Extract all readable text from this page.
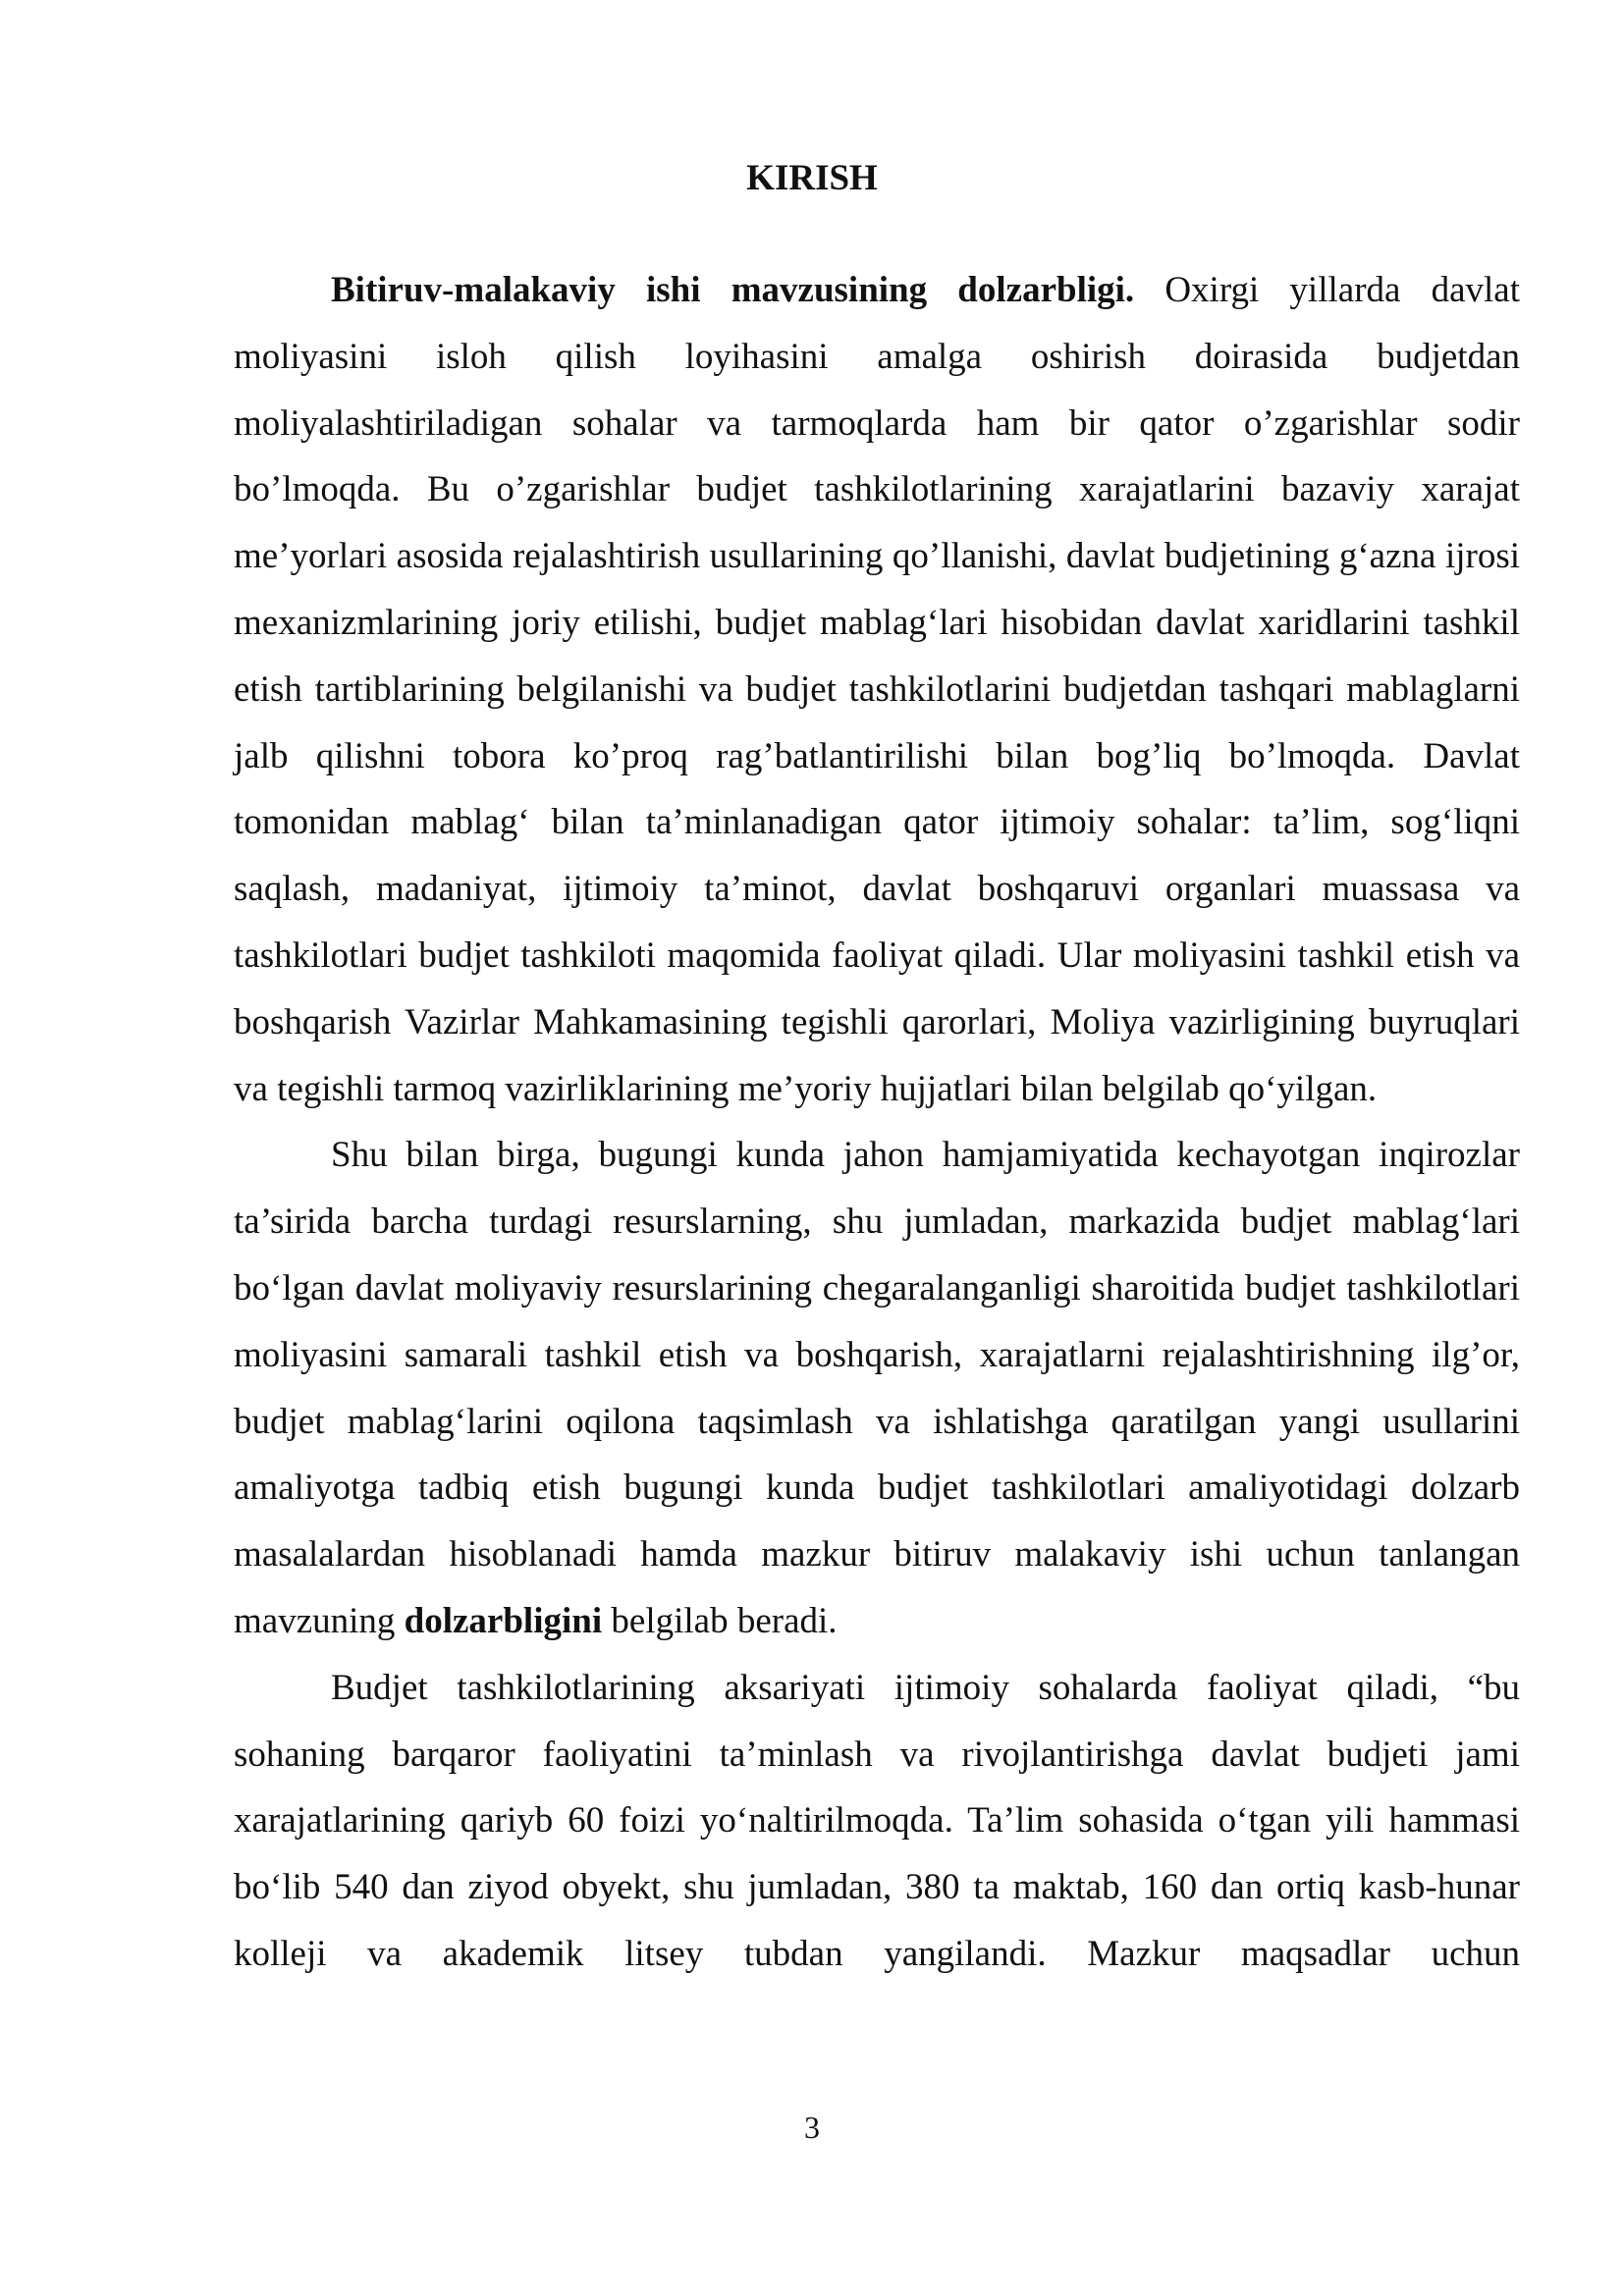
KIRISH

Bitiruv-malakaviy ishi mavzusining dolzarbligi. Oxirgi yillarda davlat moliyasini isloh qilish loyihasini amalga oshirish doirasida budjetdan moliyalashtiriladigan sohalar va tarmoqlarda ham bir qator o’zgarishlar sodir bo’lmoqda. Bu o’zgarishlar budjet tashkilotlarining xarajatlarini bazaviy xarajat me’yorlari asosida rejalashtirish usullarining qo’llanishi, davlat budjetining g‘azna ijrosi mexanizmlarining joriy etilishi, budjet mablag‘lari hisobidan davlat xaridlarini tashkil etish tartiblarining belgilanishi va budjet tashkilotlarini budjetdan tashqari mablaglarni jalb qilishni tobora ko’proq rag’batlantirilishi bilan bog’liq bo’lmoqda. Davlat tomonidan mablag‘ bilan ta’minlanadigan qator ijtimoiy sohalar: ta’lim, sog‘liqni saqlash, madaniyat, ijtimoiy ta’minot, davlat boshqaruvi organlari muassasa va tashkilotlari budjet tashkiloti maqomida faoliyat qiladi. Ular moliyasini tashkil etish va boshqarish Vazirlar Mahkamasining tegishli qarorlari, Moliya vazirligining buyruqlari va tegishli tarmoq vazirliklarining me’yoriy hujjatlari bilan belgilab qo‘yilgan.

Shu bilan birga, bugungi kunda jahon hamjamiyatida kechayotgan inqirozlar ta’sirida barcha turdagi resurslarning, shu jumladan, markazida budjet mablag‘lari bo‘lgan davlat moliyaviy resurslarining chegaralanganligi sharoitida budjet tashkilotlari moliyasini samarali tashkil etish va boshqarish, xarajatlarni rejalashtirishning ilg’or, budjet mablag‘larini oqilona taqsimlash va ishlatishga qaratilgan yangi usullarini amaliyotga tadbiq etish bugungi kunda budjet tashkilotlari amaliyotidagi dolzarb masalalardan hisoblanadi hamda mazkur bitiruv malakaviy ishi uchun tanlangan mavzuning dolzarbligini belgilab beradi.

Budjet tashkilotlarining aksariyati ijtimoiy sohalarda faoliyat qiladi, “bu sohaning barqaror faoliyatini ta’minlash va rivojlantirishga davlat budjeti jami xarajatlarining qariyb 60 foizi yo‘naltirilmoqda. Ta’lim sohasida o‘tgan yili hammasi bo‘lib 540 dan ziyod obyekt, shu jumladan, 380 ta maktab, 160 dan ortiq kasb-hunar kolleji va akademik litsey tubdan yangilandi. Mazkur maqsadlar uchun

3
